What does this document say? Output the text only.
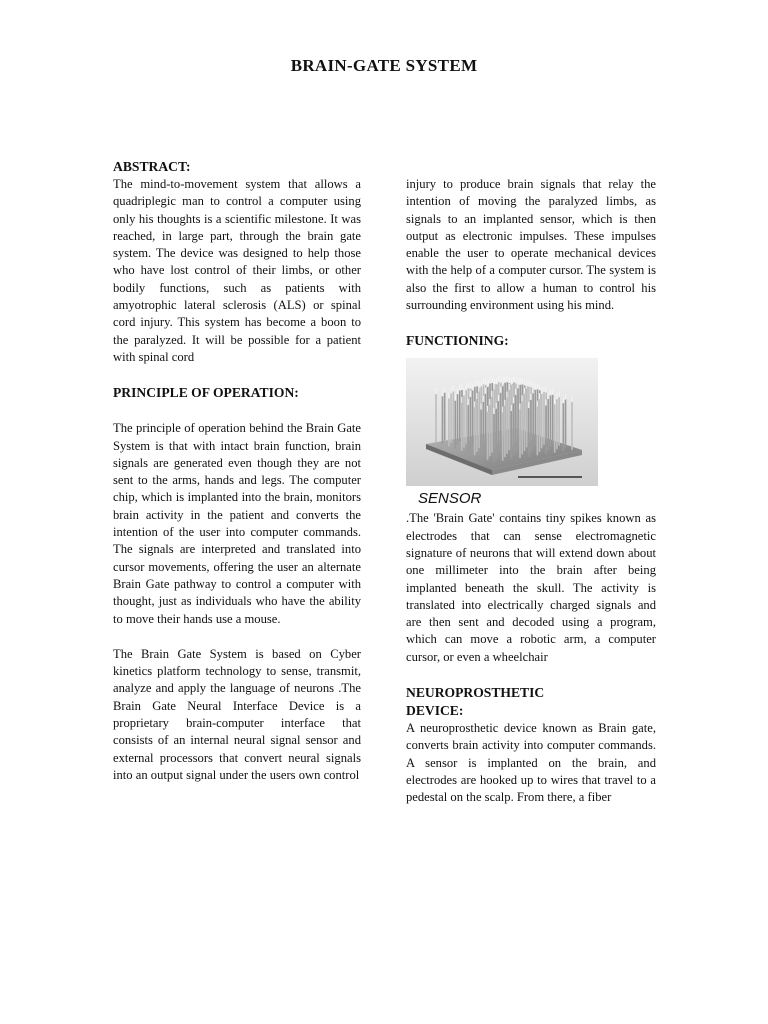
BRAIN-GATE SYSTEM
ABSTRACT:

The mind-to-movement system that allows a quadriplegic man to control a computer using only his thoughts is a scientific milestone. It was reached, in large part, through the brain gate system. The device was designed to help those who have lost control of their limbs, or other bodily functions, such as patients with amyotrophic lateral sclerosis (ALS) or spinal cord injury. This system has become a boon to the paralyzed. It will be possible for a patient with spinal cord

PRINCIPLE OF OPERATION:

The principle of operation behind the Brain Gate System is that with intact brain function, brain signals are generated even though they are not sent to the arms, hands and legs. The computer chip, which is implanted into the brain, monitors brain activity in the patient and converts the intention of the user into computer commands. The signals are interpreted and translated into cursor movements, offering the user an alternate Brain Gate pathway to control a computer with thought, just as individuals who have the ability to move their hands use a mouse.

The Brain Gate System is based on Cyber kinetics platform technology to sense, transmit, analyze and apply the language of neurons .The Brain Gate Neural Interface Device is a proprietary brain-computer interface that consists of an internal neural signal sensor and external processors that convert neural signals into an output signal under the users own control

injury to produce brain signals that relay the intention of moving the paralyzed limbs, as signals to an implanted sensor, which is then output as electronic impulses. These impulses enable the user to operate mechanical devices with the help of a computer cursor. The system is also the first to allow a human to control his surrounding environment using his mind.

FUNCTIONING:
SENSOR

.The 'Brain Gate' contains tiny spikes known as electrodes that can sense electromagnetic signature of neurons that will extend down about one millimeter into the brain after being implanted beneath the skull. The activity is translated into electrically charged signals and are then sent and decoded using a program, which can move a robotic arm, a computer cursor, or even a wheelchair

NEUROPROSTHETIC
DEVICE:

A neuroprosthetic device known as Brain gate, converts brain activity into computer commands. A sensor is implanted on the brain, and electrodes are hooked up to wires that travel to a pedestal on the scalp. From there, a fiber
